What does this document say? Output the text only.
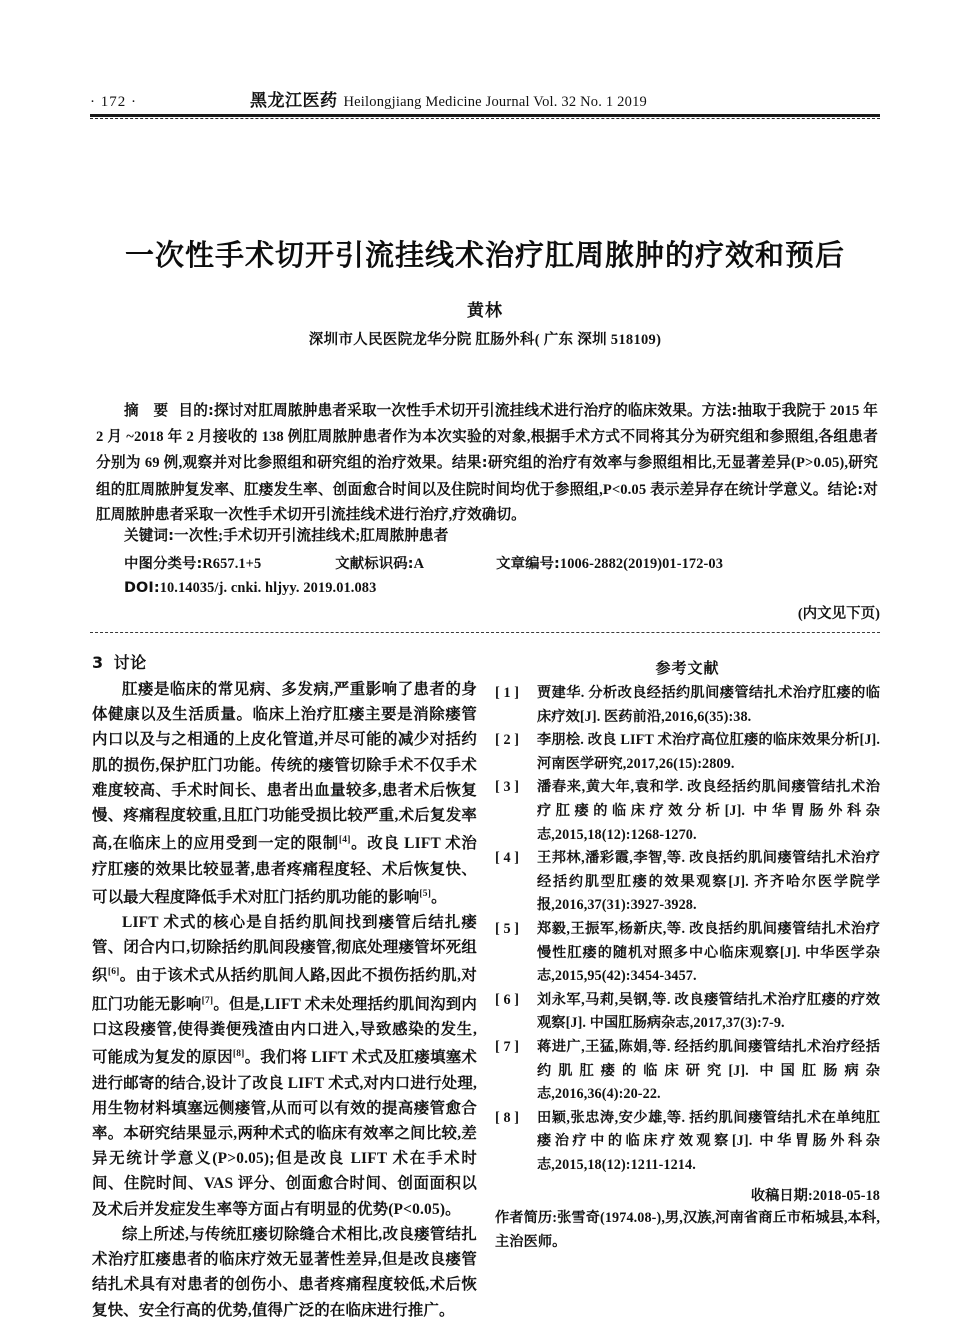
· 172 ·	黑龙江医药 Heilongjiang Medicine Journal Vol. 32 No. 1 2019
一次性手术切开引流挂线术治疗肛周脓肿的疗效和预后
黄林
深圳市人民医院龙华分院 肛肠外科( 广东 深圳 518109)

摘　要 目的:探讨对肛周脓肿患者采取一次性手术切开引流挂线术进行治疗的临床效果。方法:抽取于我院于 2015 年 2 月 ~2018 年 2 月接收的 138 例肛周脓肿患者作为本次实验的对象,根据手术方式不同将其分为研究组和参照组,各组患者分别为 69 例,观察并对比参照组和研究组的治疗效果。结果:研究组的治疗有效率与参照组相比,无显著差异(P>0.05),研究组的肛周脓肿复发率、肛瘘发生率、创面愈合时间以及住院时间均优于参照组,P<0.05 表示差异存在统计学意义。结论:对肛周脓肿患者采取一次性手术切开引流挂线术进行治疗,疗效确切。

关键词:一次性;手术切开引流挂线术;肛周脓肿患者
中图分类号:R657.1+5	文献标识码:A	文章编号:1006-2882(2019)01-172-03
DOI:10.14035/j. cnki. hljyy. 2019.01.083
(内文见下页)
3 讨论

肛瘘是临床的常见病、多发病,严重影响了患者的身体健康以及生活质量。临床上治疗肛瘘主要是消除瘘管内口以及与之相通的上皮化管道,并尽可能的减少对括约肌的损伤,保护肛门功能。传统的瘘管切除手术不仅手术难度较高、手术时间长、患者出血量较多,患者术后恢复慢、疼痛程度较重,且肛门功能受损比较严重,术后复发率高,在临床上的应用受到一定的限制[4]。改良 LIFT 术治疗肛瘘的效果比较显著,患者疼痛程度轻、术后恢复快、可以最大程度降低手术对肛门括约肌功能的影响[5]。

LIFT 术式的核心是自括约肌间找到瘘管后结扎瘘管、闭合内口,切除括约肌间段瘘管,彻底处理瘘管坏死组织[6]。由于该术式从括约肌间人路,因此不损伤括约肌,对肛门功能无影响[7]。但是,LIFT 术未处理括约肌间沟到内口这段瘘管,使得粪便残渣由内口进入,导致感染的发生,可能成为复发的原因[8]。我们将 LIFT 术式及肛瘘填塞术进行邮寄的结合,设计了改良 LIFT 术式,对内口进行处理,用生物材料填塞远侧瘘管,从而可以有效的提高瘘管愈合率。本研究结果显示,两种术式的临床有效率之间比较,差异无统计学意义(P>0.05);但是改良 LIFT 术在手术时间、住院时间、VAS 评分、创面愈合时间、创面面积以及术后并发症发生率等方面占有明显的优势(P<0.05)。

综上所述,与传统肛瘘切除缝合术相比,改良瘘管结扎术治疗肛瘘患者的临床疗效无显著性差异,但是改良瘘管结扎术具有对患者的创伤小、患者疼痛程度较低,术后恢复快、安全行高的优势,值得广泛的在临床进行推广。

参考文献
[ 1 ]	贾建华. 分析改良经括约肌间瘘管结扎术治疗肛瘘的临床疗效[J]. 医药前沿,2016,6(35):38.
[ 2 ]	李朋桧. 改良 LIFT 术治疗高位肛瘘的临床效果分析[J]. 河南医学研究,2017,26(15):2809.
[ 3 ]	潘春来,黄大年,袁和学. 改良经括约肌间瘘管结扎术治疗肛瘘的临床疗效分析[J]. 中华胃肠外科杂志,2015,18(12):1268-1270.
[ 4 ]	王邦林,潘彩霞,李智,等. 改良括约肌间瘘管结扎术治疗经括约肌型肛瘘的效果观察[J]. 齐齐哈尔医学院学报,2016,37(31):3927-3928.
[ 5 ]	郑毅,王振军,杨新庆,等. 改良括约肌间瘘管结扎术治疗慢性肛瘘的随机对照多中心临床观察[J]. 中华医学杂志,2015,95(42):3454-3457.
[ 6 ]	刘永军,马莉,吴钢,等. 改良瘘管结扎术治疗肛瘘的疗效观察[J]. 中国肛肠病杂志,2017,37(3):7-9.
[ 7 ]	蒋进广,王猛,陈娟,等. 经括约肌间瘘管结扎术治疗经括约肌肛瘘的临床研究[J]. 中国肛肠病杂志,2016,36(4):20-22.
[ 8 ]	田颖,张忠涛,安少雄,等. 括约肌间瘘管结扎术在单纯肛瘘治疗中的临床疗效观察[J]. 中华胃肠外科杂志,2015,18(12):1211-1214.
收稿日期:2018-05-18
作者简历:张雪奇(1974.08-),男,汉族,河南省商丘市柘城县,本科,主治医师。
